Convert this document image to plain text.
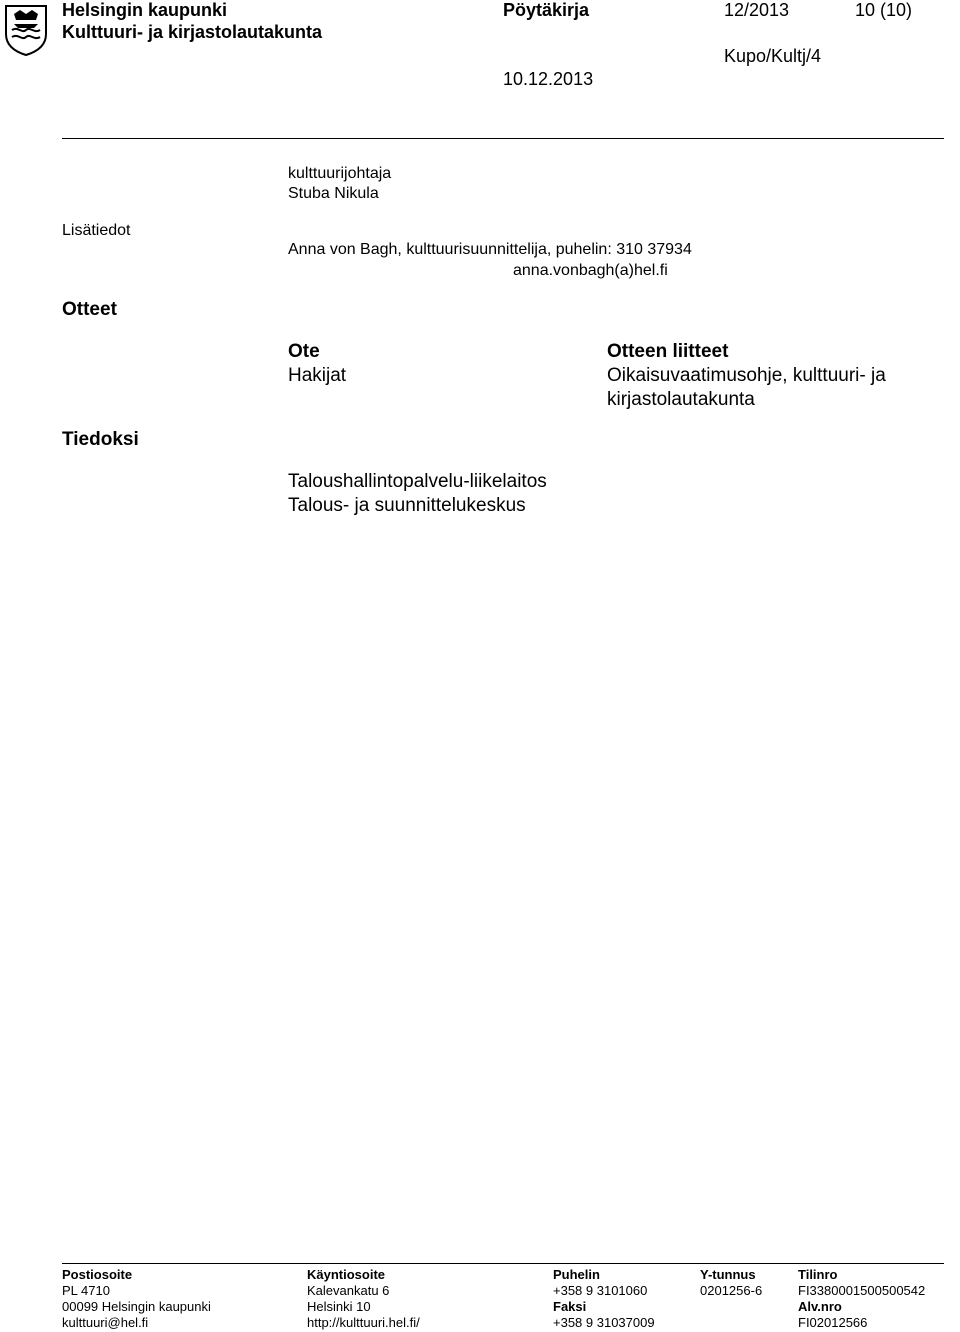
Helsingin kaupunki
Kulttuuri- ja kirjastolautakunta
Pöytäkirja	12/2013	10 (10)
Kupo/Kultj/4
10.12.2013
kulttuurijohtaja
Stuba Nikula
Lisätiedot
Anna von Bagh, kulttuurisuunnittelija, puhelin: 310 37934
anna.vonbagh(a)hel.fi
Otteet
Ote
Hakijat
Otteen liitteet
Oikaisuvaatimusohje, kulttuuri- ja
kirjastolautakunta
Tiedoksi
Taloushallintopalvelu-liikelaitos
Talous- ja suunnittelukeskus
Postiosoite
PL 4710
00099 Helsingin kaupunki
kulttuuri@hel.fi
Käyntiosoite
Kalevankatu 6
Helsinki 10
http://kulttuuri.hel.fi/
Puhelin
+358 9 3101060
Faksi
+358 9 31037009
Y-tunnus
0201256-6
Tilinro
FI3380001500500542
Alv.nro
FI02012566
